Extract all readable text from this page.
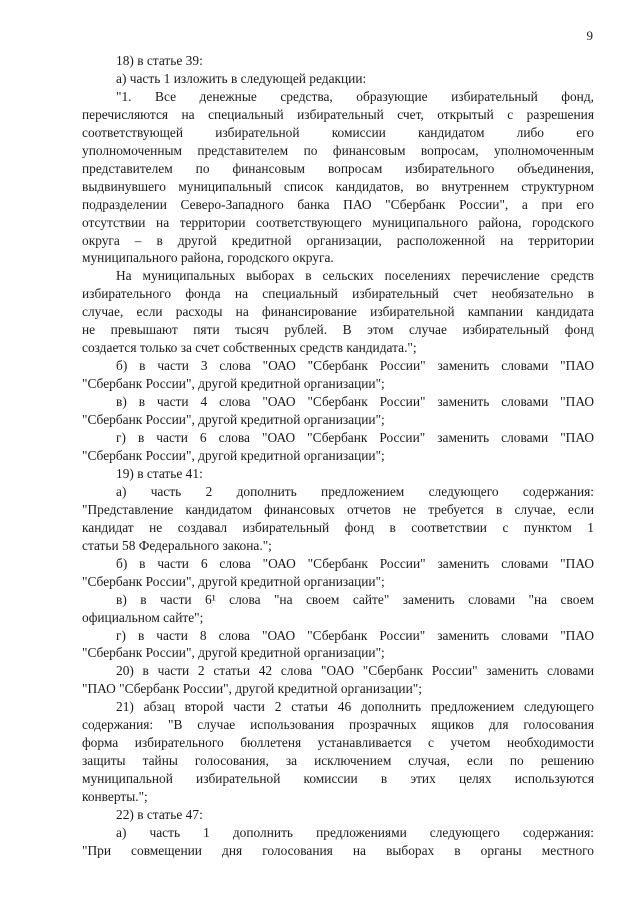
9

18) в статье 39:

а) часть 1 изложить в следующей редакции:

"1. Все денежные средства, образующие избирательный фонд,

перечисляются на специальный избирательный счет, открытый с разрешения

соответствующей избирательной комиссии кандидатом либо его

уполномоченным представителем по финансовым вопросам, уполномоченным

представителем по финансовым вопросам избирательного объединения,

выдвинувшего муниципальный список кандидатов, во внутреннем структурном

подразделении Северо-Западного банка ПАО "Сбербанк России", а при его

отсутствии на территории соответствующего муниципального района, городского

округа – в другой кредитной организации, расположенной на территории

муниципального района, городского округа.

На муниципальных выборах в сельских поселениях перечисление средств

избирательного фонда на специальный избирательный счет необязательно в

случае, если расходы на финансирование избирательной кампании кандидата

не превышают пяти тысяч рублей. В этом случае избирательный фонд

создается только за счет собственных средств кандидата.";

б) в части 3 слова "ОАО "Сбербанк России" заменить словами "ПАО

"Сбербанк России", другой кредитной организации";

в) в части 4 слова "ОАО "Сбербанк России" заменить словами "ПАО

"Сбербанк России", другой кредитной организации";

г) в части 6 слова "ОАО "Сбербанк России" заменить словами "ПАО

"Сбербанк России", другой кредитной организации";

19) в статье 41:

а) часть 2 дополнить предложением следующего содержания:

"Представление кандидатом финансовых отчетов не требуется в случае, если

кандидат не создавал избирательный фонд в соответствии с пунктом 1

статьи 58 Федерального закона.";

б) в части 6 слова "ОАО "Сбербанк России" заменить словами "ПАО

"Сбербанк России", другой кредитной организации";

в) в части 6¹ слова "на своем сайте" заменить словами "на своем

официальном сайте";

г) в части 8 слова "ОАО "Сбербанк России" заменить словами "ПАО

"Сбербанк России", другой кредитной организации";

20) в части 2 статьи 42 слова "ОАО "Сбербанк России" заменить словами

"ПАО "Сбербанк России", другой кредитной организации";

21) абзац второй части 2 статьи 46 дополнить предложением следующего

содержания: "В случае использования прозрачных ящиков для голосования

форма избирательного бюллетеня устанавливается с учетом необходимости

защиты тайны голосования, за исключением случая, если по решению

муниципальной избирательной комиссии в этих целях используются

конверты.";

22) в статье 47:

а) часть 1 дополнить предложениями следующего содержания:

"При совмещении дня голосования на выборах в органы местного
